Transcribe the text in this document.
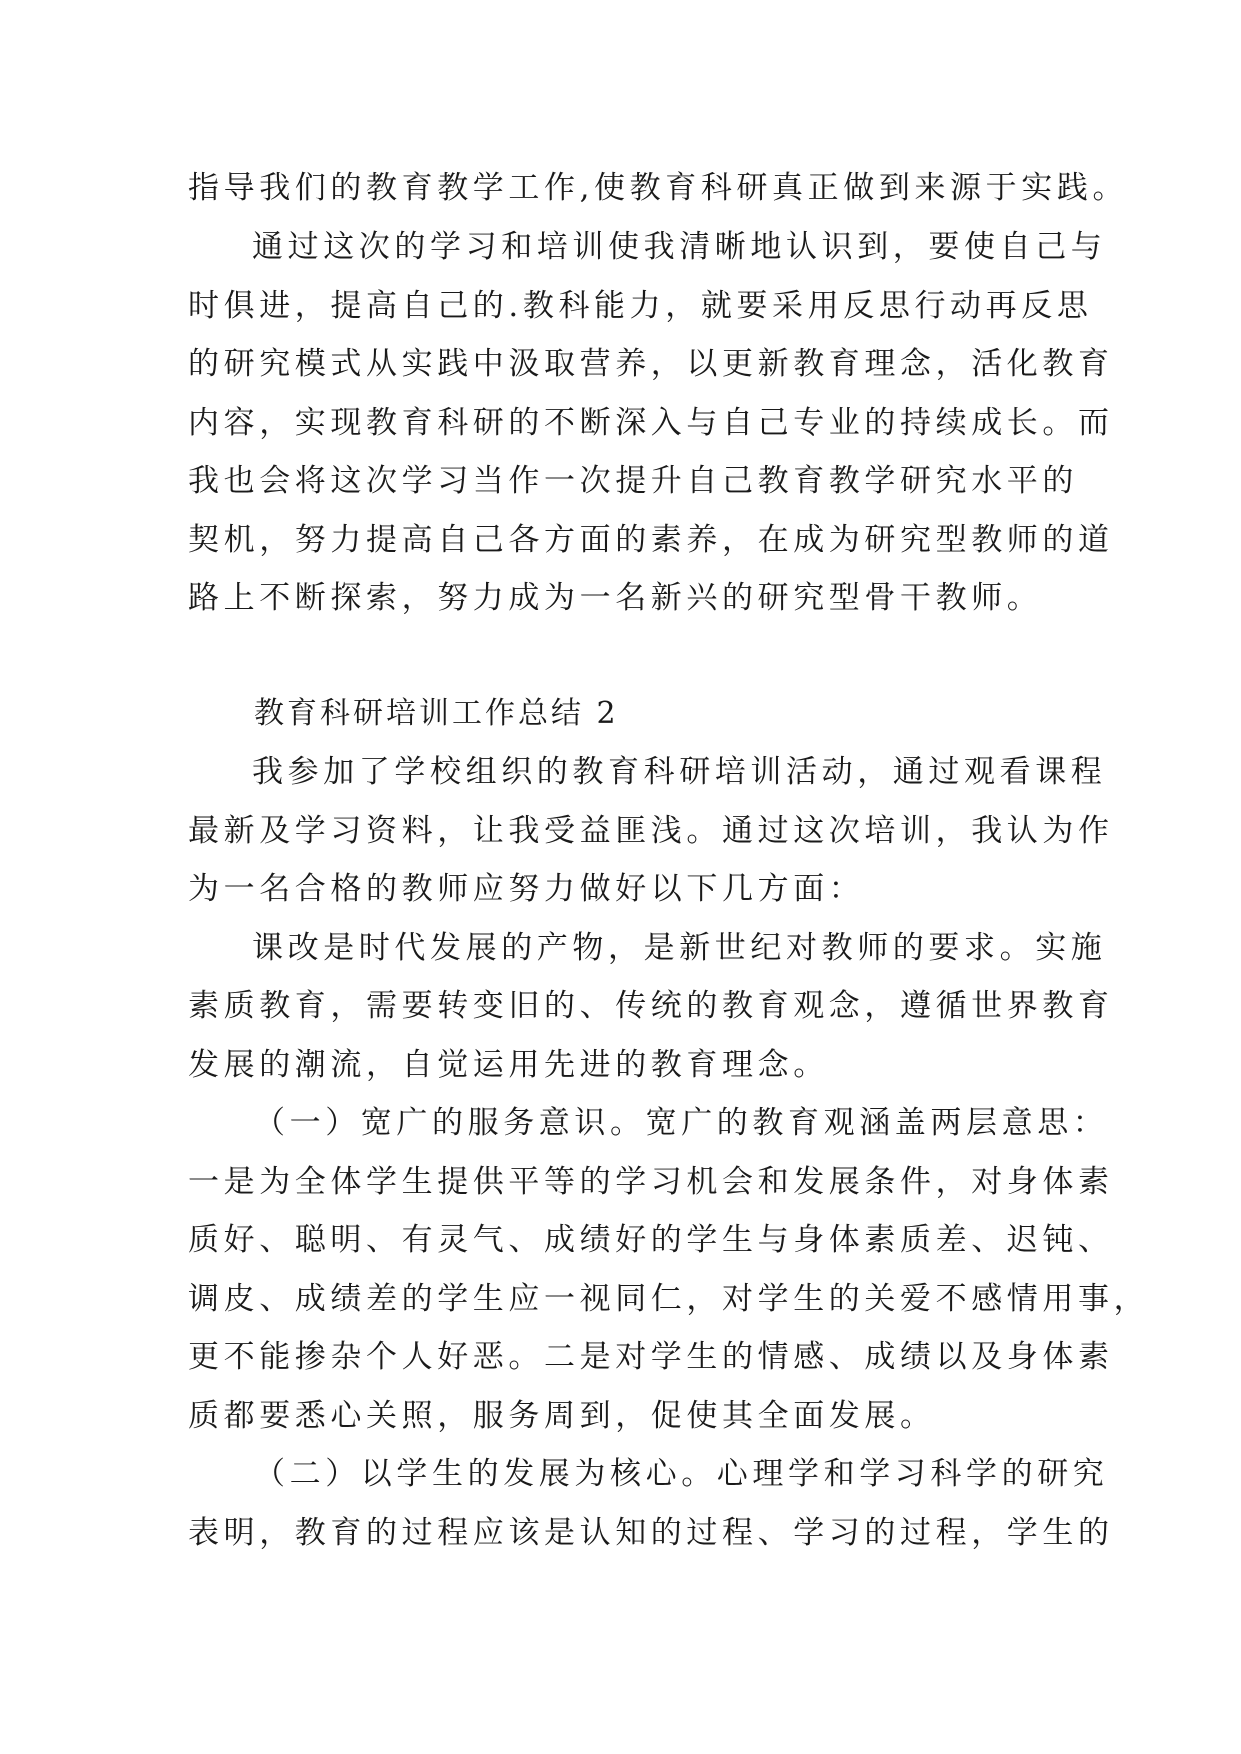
指导我们的教育教学工作,使教育科研真正做到来源于实践。
通过这次的学习和培训使我清晰地认识到，要使自己与
时俱进，提高自己的.教科能力，就要采用反思行动再反思
的研究模式从实践中汲取营养，以更新教育理念，活化教育
内容，实现教育科研的不断深入与自己专业的持续成长。而
我也会将这次学习当作一次提升自己教育教学研究水平的
契机，努力提高自己各方面的素养，在成为研究型教师的道
路上不断探索，努力成为一名新兴的研究型骨干教师。
教育科研培训工作总结 2
我参加了学校组织的教育科研培训活动，通过观看课程
最新及学习资料，让我受益匪浅。通过这次培训，我认为作
为一名合格的教师应努力做好以下几方面：
课改是时代发展的产物，是新世纪对教师的要求。实施
素质教育，需要转变旧的、传统的教育观念，遵循世界教育
发展的潮流，自觉运用先进的教育理念。
（一）宽广的服务意识。宽广的教育观涵盖两层意思：
一是为全体学生提供平等的学习机会和发展条件，对身体素
质好、聪明、有灵气、成绩好的学生与身体素质差、迟钝、
调皮、成绩差的学生应一视同仁，对学生的关爱不感情用事，
更不能掺杂个人好恶。二是对学生的情感、成绩以及身体素
质都要悉心关照，服务周到，促使其全面发展。
（二）以学生的发展为核心。心理学和学习科学的研究
表明，教育的过程应该是认知的过程、学习的过程，学生的
